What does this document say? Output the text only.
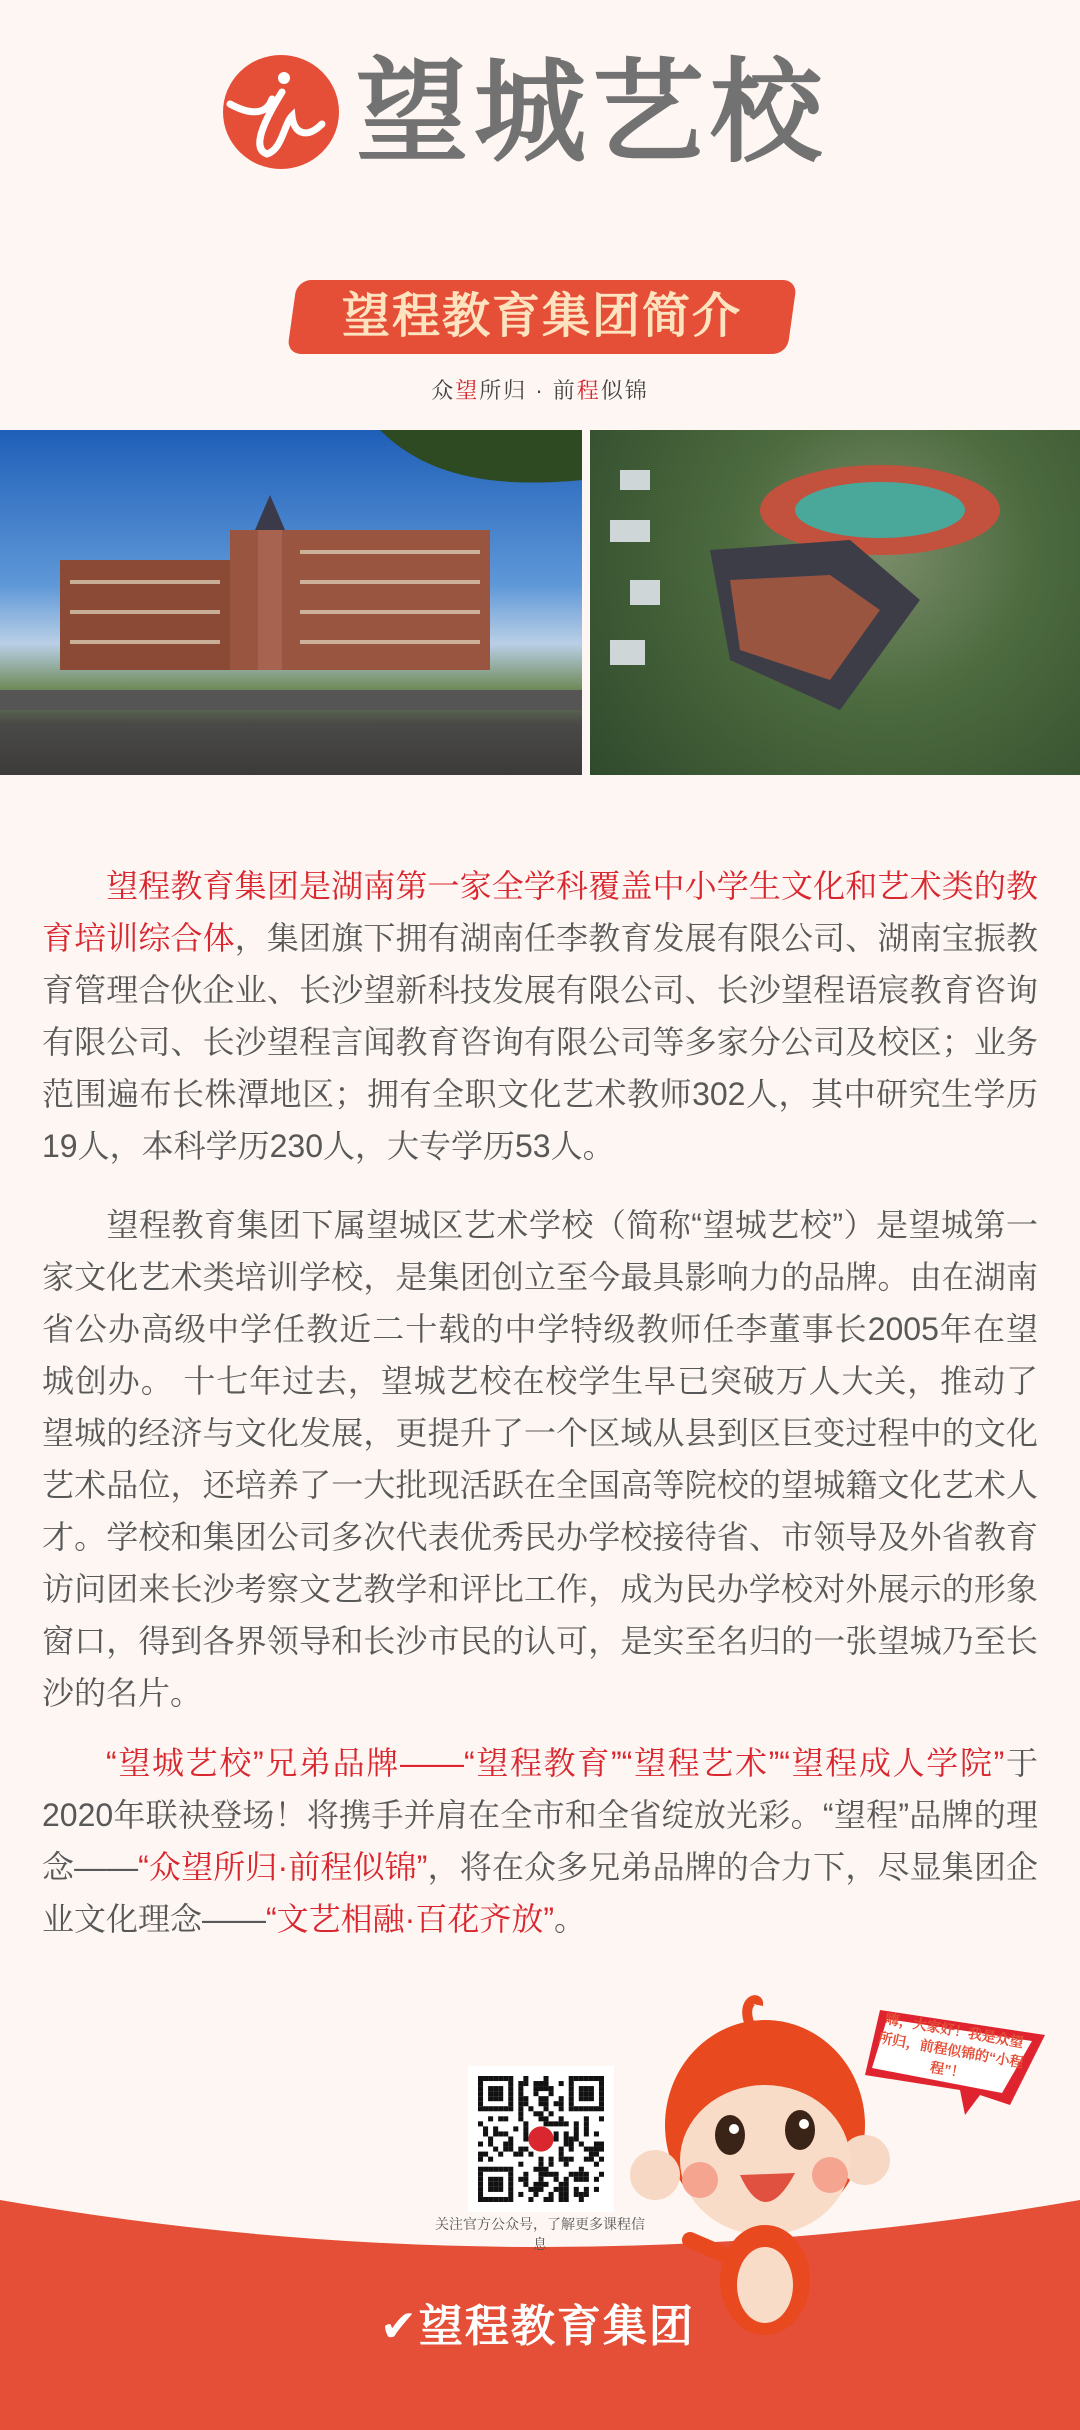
望城艺校
望程教育集团简介
众望所归 · 前程似锦
望程教育集团是湖南第一家全学科覆盖中小学生文化和艺术类的教育培训综合体，集团旗下拥有湖南任李教育发展有限公司、湖南宝振教育管理合伙企业、长沙望新科技发展有限公司、长沙望程语宸教育咨询有限公司、长沙望程言闻教育咨询有限公司等多家分公司及校区；业务范围遍布长株潭地区；拥有全职文化艺术教师302人，其中研究生学历19人，本科学历230人，大专学历53人。
望程教育集团下属望城区艺术学校（简称“望城艺校”）是望城第一家文化艺术类培训学校，是集团创立至今最具影响力的品牌。由在湖南省公办高级中学任教近二十载的中学特级教师任李董事长2005年在望城创办。 十七年过去，望城艺校在校学生早已突破万人大关，推动了望城的经济与文化发展，更提升了一个区域从县到区巨变过程中的文化艺术品位，还培养了一大批现活跃在全国高等院校的望城籍文化艺术人才。学校和集团公司多次代表优秀民办学校接待省、市领导及外省教育访问团来长沙考察文艺教学和评比工作，成为民办学校对外展示的形象窗口，得到各界领导和长沙市民的认可，是实至名归的一张望城乃至长沙的名片。
“望城艺校”兄弟品牌——“望程教育”“望程艺术”“望程成人学院”于2020年联袂登场！将携手并肩在全市和全省绽放光彩。“望程”品牌的理念——“众望所归·前程似锦”，将在众多兄弟品牌的合力下，尽显集团企业文化理念——“文艺相融·百花齐放”。
关注官方公众号，了解更多课程信息
嗨，大家好！我是众望所归，前程似锦的“小程程”！
✔望程教育集团
